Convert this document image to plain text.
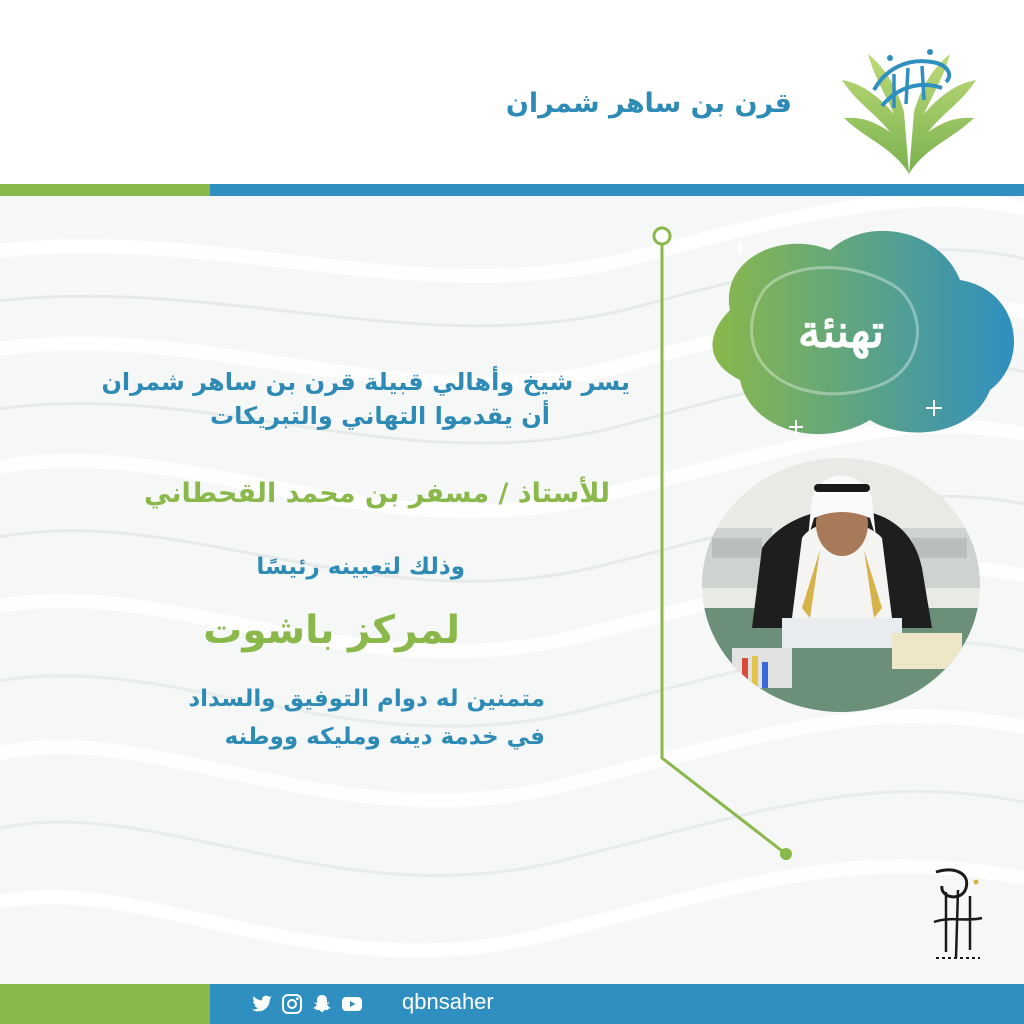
قرن بن ساهر شمران
تهنئة
يسر شيخ وأهالي قبيلة قرن بن ساهر شمران
أن يقدموا التهاني والتبريكات
للأستاذ / مسفر بن محمد القحطاني
وذلك لتعيينه رئيسًا
لمركز باشوت
متمنين له دوام التوفيق والسداد
في خدمة دينه ومليكه ووطنه
qbnsaher
